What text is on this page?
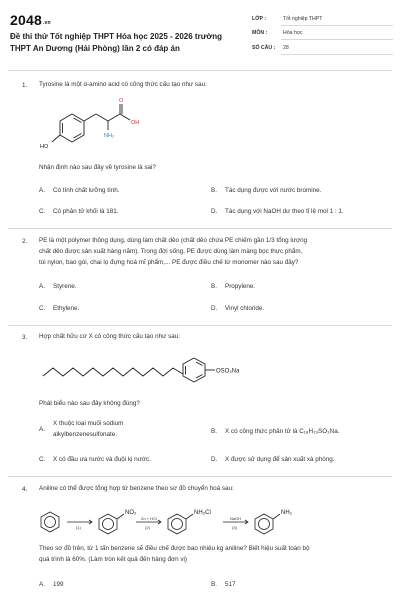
2048.vn
Đề thi thử Tốt nghiệp THPT Hóa học 2025 - 2026 trường
THPT An Dương (Hải Phòng) lần 2 có đáp án
LỚP :	Tốt nghiệp THPT
MÔN :	Hóa học
SỐ CÂU : 28
1. Tyrosine là một α-amino acid có công thức cấu tạo như sau:
HO
O
OH
NH₂
Nhận định nào sau đây về tyrosine là sai?
A. Có tính chất lưỡng tính.	B. Tác dụng được với nước bromine.
C. Có phân tử khối là 181.	D. Tác dụng với NaOH dư theo tỉ lệ mol 1 : 1.
2. PE là một polymer thông dụng, dùng làm chất dẻo (chất dẻo chứa PE chiếm gần 1/3 tổng lượng
chất dẻo được sản xuất hàng năm). Trong đời sống, PE được dùng làm màng bọc thực phẩm,
túi nylon, bao gói, chai lọ đựng hoá mĩ phẩm,... PE được điều chế từ monomer nào sau đây?
A. Styrene.	B. Propylene.
C. Ethylene.	D. Vinyl chloride.
3. Hợp chất hữu cơ X có công thức cấu tạo như sau:
OSO₃Na
Phát biểu nào sau đây không đúng?
A.X thuộc loại muối sodium
alkylbenzenesulfonate.	B. X có công thức phân tử là C₁₈H₂₉SO₃Na.
C. X có đầu ưa nước và đuôi kị nước.	D. X được sử dụng để sản xuất xà phòng.
4. Aniline có thể được tổng hợp từ benzene theo sơ đồ chuyển hoá sau:
(1)
NO₂
Zn + HCl
(2)
NH₃Cl
NaOH
(3)
NH₂
Theo sơ đồ trên, từ 1 tấn benzene sẽ điều chế được bao nhiêu kg aniline? Biết hiệu suất toàn bộ
quá trình là 60%. (Làm tròn kết quả đến hàng đơn vị)
A. 199	B. 517
